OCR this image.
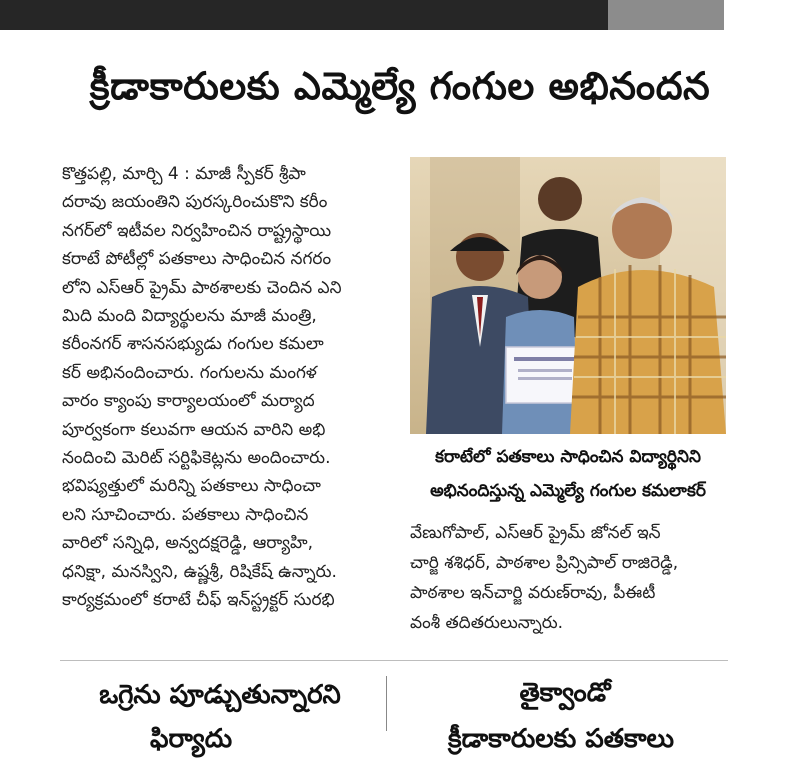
క్రీడాకారులకు ఎమ్మెల్యే గంగుల అభినందన
కొత్తపల్లి, మార్చి 4 : మాజీ స్పీకర్ శ్రీపా
దరావు జయంతిని పురస్కరించుకొని కరీం
నగర్‌లో ఇటీవల నిర్వహించిన రాష్ట్రస్థాయి
కరాటే పోటీల్లో పతకాలు సాధించిన నగరం
లోని ఎస్ఆర్ ప్రైమ్ పాఠశాలకు చెందిన ఎని
మిది మంది విద్యార్థులను మాజీ మంత్రి,
కరీంనగర్ శాసనసభ్యుడు గంగుల కమలా
కర్ అభినందించారు. గంగులను మంగళ
వారం క్యాంపు కార్యాలయంలో మర్యాద
పూర్వకంగా కలువగా ఆయన వారిని అభి
నందించి మెరిట్ సర్టిఫికెట్లను అందించారు.
భవిష్యత్తులో మరిన్ని పతకాలు సాధించా
లని సూచించారు. పతకాలు సాధించిన
వారిలో సన్నిధి, అన్వదక్షరెడ్డి, ఆర్యాహి,
ధనిక్షా, మనస్విని, ఉష్ణశ్రీ, రిషికేష్ ఉన్నారు.
కార్యక్రమంలో కరాటే చీఫ్ ఇన్‌స్ట్రక్టర్ సురభి
కరాటేలో పతకాలు సాధించిన విద్యార్థినిని
అభినందిస్తున్న ఎమ్మెల్యే గంగుల కమలాకర్
వేణుగోపాల్, ఎస్ఆర్ ప్రైమ్ జోనల్ ఇన్
చార్జి శశిధర్, పాఠశాల ప్రిన్సిపాల్ రాజిరెడ్డి,
పాఠశాల ఇన్‌చార్జి వరుణ్‌రావు, పీఈటీ
వంశీ తదితరులున్నారు.
ఒగ్రెను పూడ్చుతున్నారని
ఫిర్యాదు
తైక్వాండో
క్రీడాకారులకు పతకాలు
